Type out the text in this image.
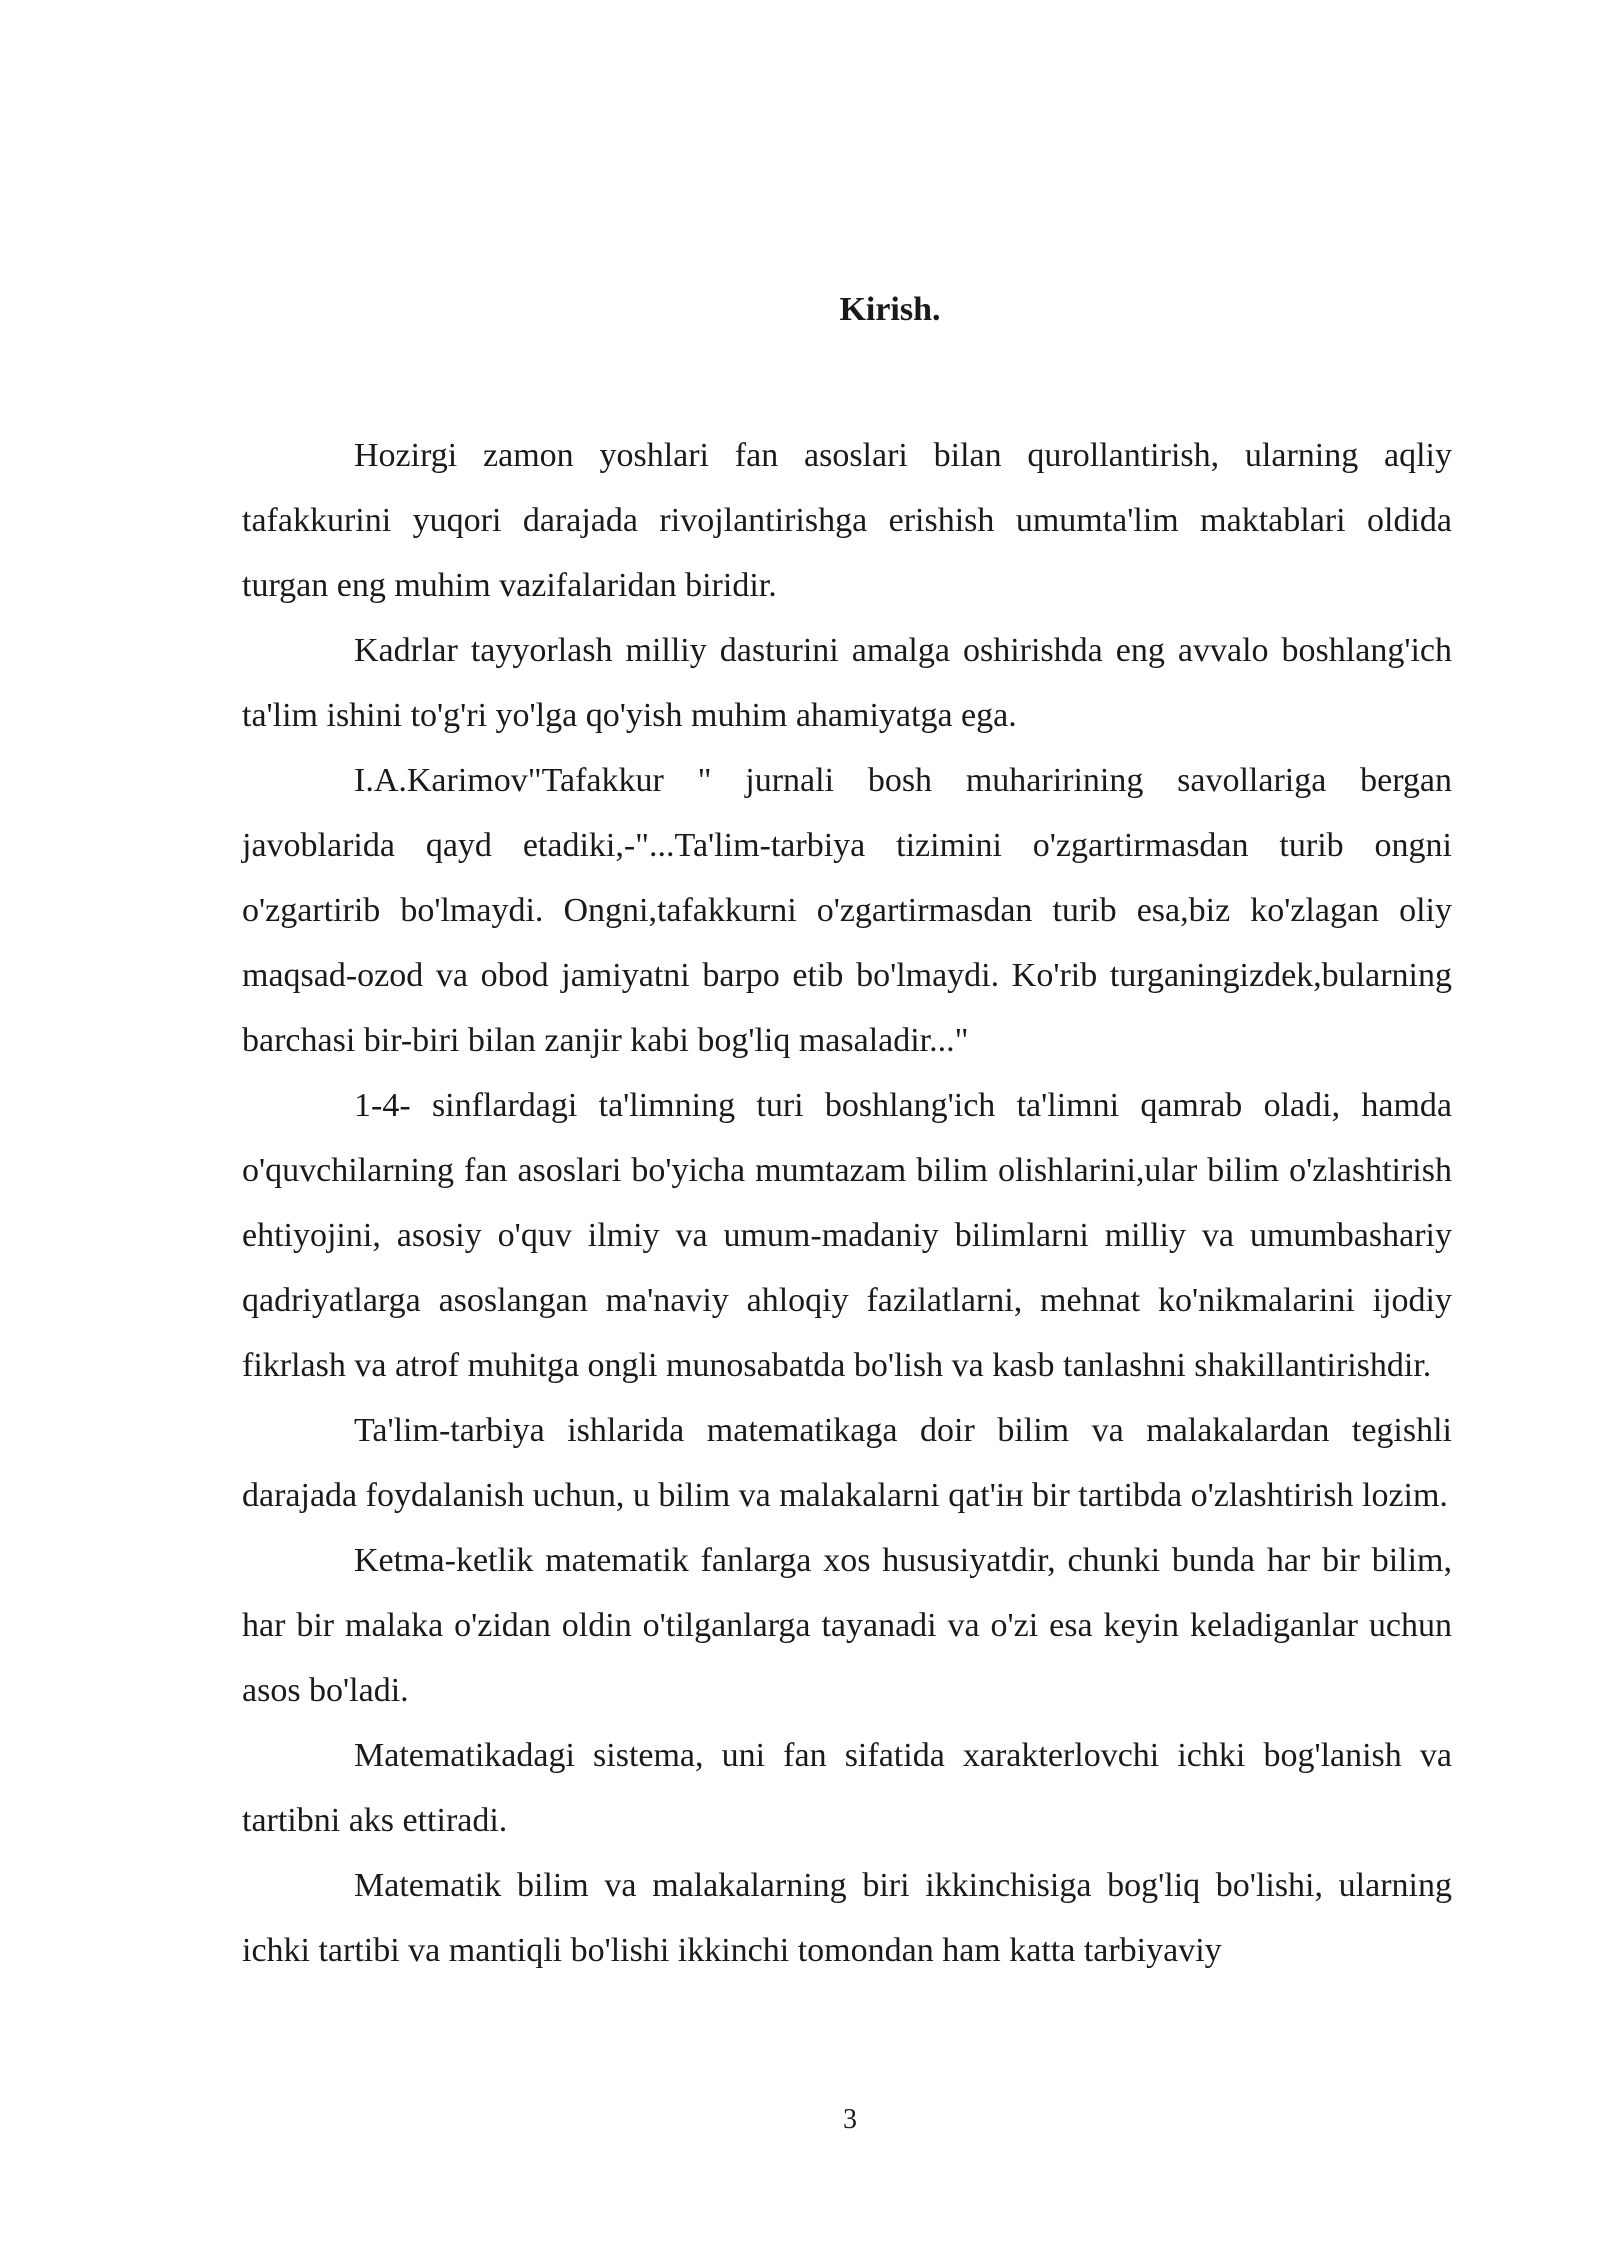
Kirish.

Hozirgi zamon yoshlari fan asoslari bilan qurollantirish, ularning aqliy tafakkurini yuqori darajada rivojlantirishga erishish umumta'lim maktablari oldida turgan eng muhim vazifalaridan biridir.

Kadrlar tayyorlash milliy dasturini amalga oshirishda eng avvalo boshlang'ich ta'lim ishini to'g'ri yo'lga qo'yish muhim ahamiyatga ega.

I.A.Karimov"Tafakkur " jurnali bosh muharirining savollariga bergan javoblarida qayd etadiki,-"...Ta'lim-tarbiya tizimini o'zgartirmasdan turib ongni o'zgartirib bo'lmaydi. Ongni,tafakkurni o'zgartirmasdan turib esa,biz ko'zlagan oliy maqsad-ozod va obod jamiyatni barpo etib bo'lmaydi. Ko'rib turganingizdek,bularning barchasi bir-biri bilan zanjir kabi bog'liq masaladir..."

1-4- sinflardagi ta'limning turi boshlang'ich ta'limni qamrab oladi, hamda o'quvchilarning fan asoslari bo'yicha mumtazam bilim olishlarini,ular bilim o'zlashtirish ehtiyojini, asosiy o'quv ilmiy va umum-madaniy bilimlarni milliy va umumbashariy qadriyatlarga asoslangan ma'naviy ahloqiy fazilatlarni, mehnat ko'nikmalarini ijodiy fikrlash va atrof muhitga ongli munosabatda bo'lish va kasb tanlashni shakillantirishdir.

Ta'lim-tarbiya ishlarida matematikaga doir bilim va malakalardan tegishli darajada foydalanish uchun, u bilim va malakalarni qat'iн bir tartibda o'zlashtirish lozim.

Ketma-ketlik matematik fanlarga xos hususiyatdir, chunki bunda har bir bilim, har bir malaka o'zidan oldin o'tilganlarga tayanadi va o'zi esa keyin keladiganlar uchun asos bo'ladi.

Matematikadagi sistema, uni fan sifatida xarakterlovchi ichki bog'lanish va tartibni aks ettiradi.

Matematik bilim va malakalarning biri ikkinchisiga bog'liq bo'lishi, ularning ichki tartibi va mantiqli bo'lishi ikkinchi tomondan ham katta tarbiyaviy

3
